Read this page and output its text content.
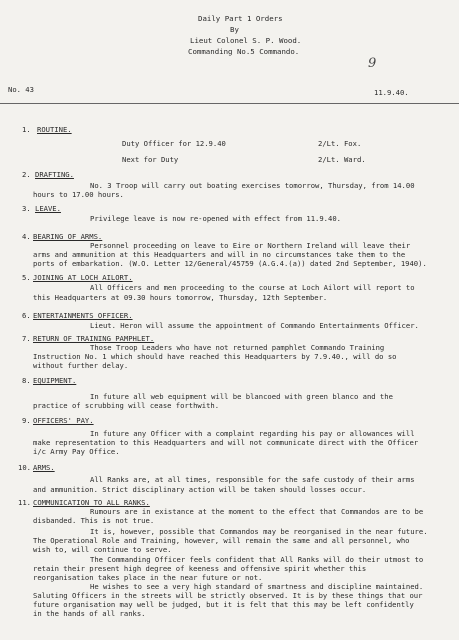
Daily Part 1 Orders
By
Lieut Colonel S. P. Wood.
Commanding No.5 Commando.
9
No. 43	11.9.40.
1. ROUTINE.
Duty Officer for 12.9.40	2/Lt. Fox.
Next for Duty	2/Lt. Ward.
2. DRAFTING.
No. 3 Troop will carry out boating exercises tomorrow, Thursday, from 14.00
hours to 17.00 hours.
3. LEAVE.
Privilege leave is now re-opened with effect from 11.9.40.
4. BEARING OF ARMS.
Personnel proceeding on leave to Eire or Northern Ireland will leave their
arms and ammunition at this Headquarters and will in no circumstances take them to the
ports of embarkation. (W.O. Letter 12/General/45759 (A.G.4.(a)) dated 2nd September, 1940).
5. JOINING AT LOCH AILORT.
All Officers and men proceeding to the course at Loch Ailort will report to
this Headquarters at 09.30 hours tomorrow, Thursday, 12th September.
6. ENTERTAINMENTS OFFICER.
Lieut. Heron will assume the appointment of Commando Entertainments Officer.
7. RETURN OF TRAINING PAMPHLET.
Those Troop Leaders who have not returned pamphlet Commando Training
Instruction No. 1 which should have reached this Headquarters by 7.9.40., will do so
without further delay.
8. EQUIPMENT.
In future all web equipment will be blancoed with green blanco and the
practice of scrubbing will cease forthwith.
9. OFFICERS' PAY.
In future any Officer with a complaint regarding his pay or allowances will
make representation to this Headquarters and will not communicate direct with the Officer
i/c Army Pay Office.
10. ARMS.
All Ranks are, at all times, responsible for the safe custody of their arms
and ammunition. Strict disciplinary action will be taken should losses occur.
11. COMMUNICATION TO ALL RANKS.
Rumours are in existance at the moment to the effect that Commandos are to be
disbanded. This is not true.
It is, however, possible that Commandos may be reorganised in the near future.
The Operational Role and Training, however, will remain the same and all personnel, who
wish to, will continue to serve.
The Commanding Officer feels confident that All Ranks will do their utmost to
retain their present high degree of keeness and offensive spirit whether this
reorganisation takes place in the near future or not.
He wishes to see a very high standard of smartness and discipline maintained.
Saluting Officers in the streets will be strictly observed. It is by these things that our
future organisation may well be judged, but it is felt that this may be left confidently
in the hands of all ranks.
